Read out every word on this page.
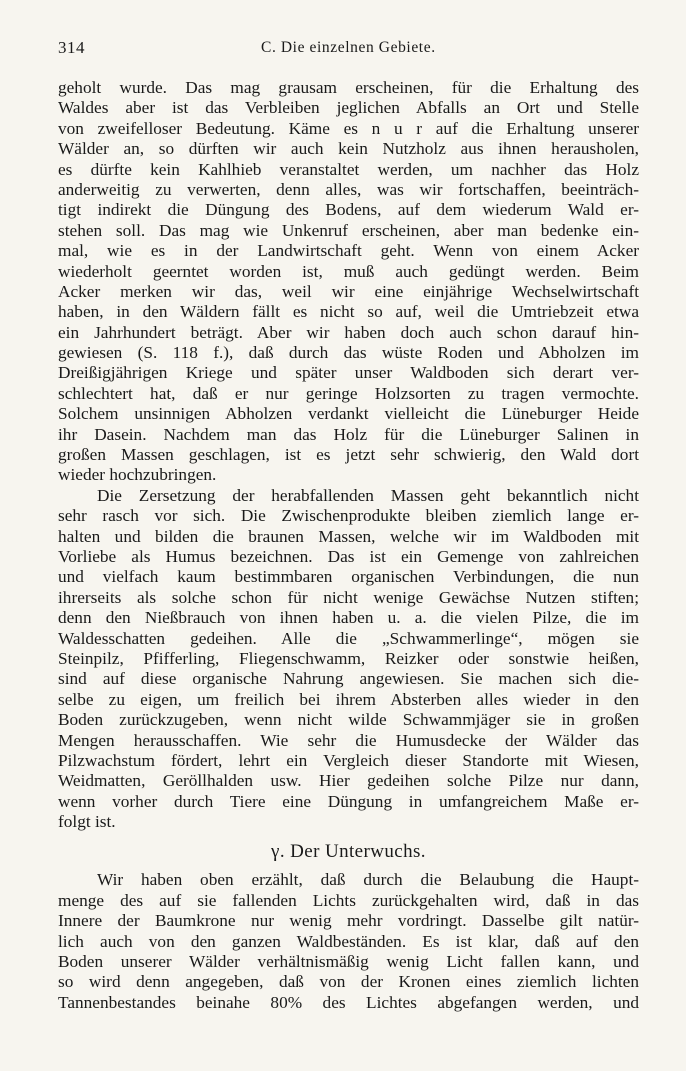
314	C. Die einzelnen Gebiete.
geholt wurde. Das mag grausam erscheinen, für die Erhaltung des
Waldes aber ist das Verbleiben jeglichen Abfalls an Ort und Stelle
von zweifelloser Bedeutung. Käme es n u r auf die Erhaltung unserer
Wälder an, so dürften wir auch kein Nutzholz aus ihnen herausholen,
es dürfte kein Kahlhieb veranstaltet werden, um nachher das Holz
anderweitig zu verwerten, denn alles, was wir fortschaffen, beeinträch-
tigt indirekt die Düngung des Bodens, auf dem wiederum Wald er-
stehen soll. Das mag wie Unkenruf erscheinen, aber man bedenke ein-
mal, wie es in der Landwirtschaft geht. Wenn von einem Acker
wiederholt geerntet worden ist, muß auch gedüngt werden. Beim
Acker merken wir das, weil wir eine einjährige Wechselwirtschaft
haben, in den Wäldern fällt es nicht so auf, weil die Umtriebzeit etwa
ein Jahrhundert beträgt. Aber wir haben doch auch schon darauf hin-
gewiesen (S. 118 f.), daß durch das wüste Roden und Abholzen im
Dreißigjährigen Kriege und später unser Waldboden sich derart ver-
schlechtert hat, daß er nur geringe Holzsorten zu tragen vermochte.
Solchem unsinnigen Abholzen verdankt vielleicht die Lüneburger Heide
ihr Dasein. Nachdem man das Holz für die Lüneburger Salinen in
großen Massen geschlagen, ist es jetzt sehr schwierig, den Wald dort
wieder hochzubringen.
Die Zersetzung der herabfallenden Massen geht bekanntlich nicht
sehr rasch vor sich. Die Zwischenprodukte bleiben ziemlich lange er-
halten und bilden die braunen Massen, welche wir im Waldboden mit
Vorliebe als Humus bezeichnen. Das ist ein Gemenge von zahlreichen
und vielfach kaum bestimmbaren organischen Verbindungen, die nun
ihrerseits als solche schon für nicht wenige Gewächse Nutzen stiften;
denn den Nießbrauch von ihnen haben u. a. die vielen Pilze, die im
Waldesschatten gedeihen. Alle die „Schwammerlinge“, mögen sie
Steinpilz, Pfifferling, Fliegenschwamm, Reizker oder sonstwie heißen,
sind auf diese organische Nahrung angewiesen. Sie machen sich die-
selbe zu eigen, um freilich bei ihrem Absterben alles wieder in den
Boden zurückzugeben, wenn nicht wilde Schwammjäger sie in großen
Mengen herausschaffen. Wie sehr die Humusdecke der Wälder das
Pilzwachstum fördert, lehrt ein Vergleich dieser Standorte mit Wiesen,
Weidmatten, Geröllhalden usw. Hier gedeihen solche Pilze nur dann,
wenn vorher durch Tiere eine Düngung in umfangreichem Maße er-
folgt ist.
γ. Der Unterwuchs.
Wir haben oben erzählt, daß durch die Belaubung die Haupt-
menge des auf sie fallenden Lichts zurückgehalten wird, daß in das
Innere der Baumkrone nur wenig mehr vordringt. Dasselbe gilt natür-
lich auch von den ganzen Waldbeständen. Es ist klar, daß auf den
Boden unserer Wälder verhältnismäßig wenig Licht fallen kann, und
so wird denn angegeben, daß von der Kronen eines ziemlich lichten
Tannenbestandes beinahe 80% des Lichtes abgefangen werden, und
